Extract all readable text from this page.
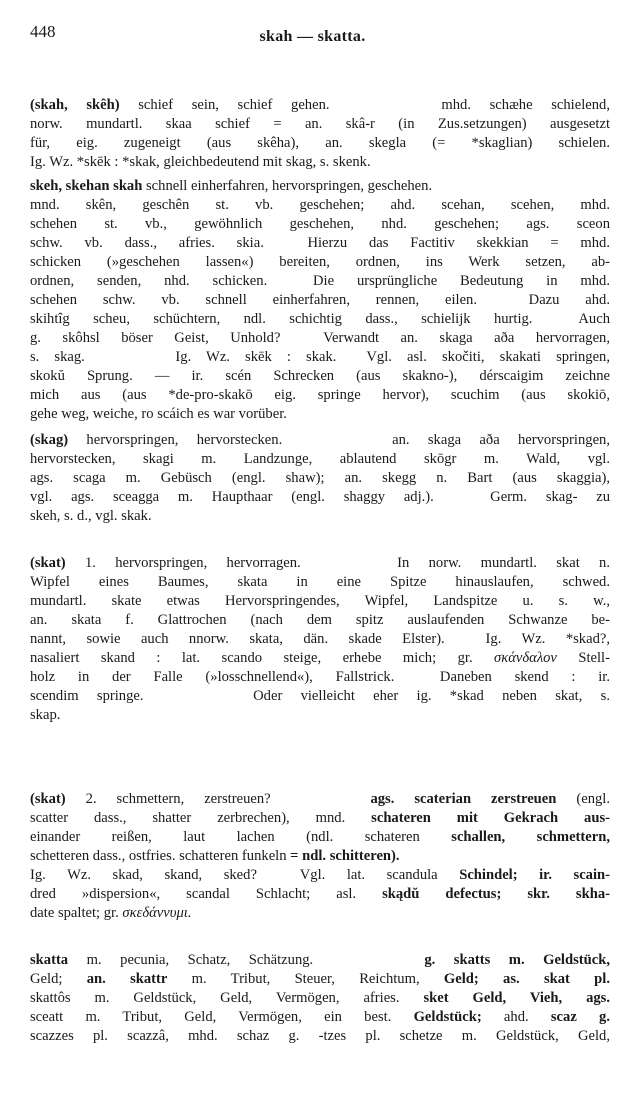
448	skah — skatta.
(skah, skêh) schief sein, schief gehen.      mhd. schæhe schielend,
norw. mundartl. skaa schief = an. skâ-r (in Zus.setzungen) ausgesetzt
für, eig. zugeneigt (aus skêha), an. skegla (= *skaglian) schielen.
Ig. Wz. *skēk : *skak, gleichbedeutend mit skag, s. skenk.
skeh, skehan skah schnell einherfahren, hervorspringen, geschehen.
mnd. skên, geschên st. vb. geschehen; ahd. scehan, scehen, mhd.
schehen st. vb., gewöhnlich geschehen, nhd. geschehen; ags. sceon
schw. vb. dass., afries. skia.  Hierzu das Factitiv skekkian = mhd.
schicken (»geschehen lassen«) bereiten, ordnen, ins Werk setzen, ab-
ordnen, senden, nhd. schicken.  Die ursprüngliche Bedeutung in mhd.
schehen schw. vb. schnell einherfahren, rennen, eilen.  Dazu ahd.
skihtîg scheu, schüchtern, ndl. schichtig dass., schielijk hurtig.  Auch
g. skôhsl böser Geist, Unhold?  Verwandt an. skaga aða hervorragen,
s. skag.      Ig. Wz. skēk : skak.  Vgl. asl. skočiti, skakati springen,
skokŭ Sprung. — ir. scén Schrecken (aus skakno-), dérscaigim zeichne
mich aus (aus *de-pro-skakō eig. springe hervor), scuchim (aus skokiō,
gehe weg, weiche, ro scáich es war vorüber.
(skag) hervorspringen, hervorstecken.      an. skaga aða hervorspringen,
hervorstecken, skagi m. Landzunge, ablautend skōgr m. Wald, vgl.
ags. scaga m. Gebüsch (engl. shaw); an. skegg n. Bart (aus skaggia),
vgl. ags. sceagga m. Haupthaar (engl. shaggy adj.).   Germ. skag- zu
skeh, s. d., vgl. skak.
(skat) 1. hervorspringen, hervorragen.     In norw. mundartl. skat n.
Wipfel eines Baumes, skata in eine Spitze hinauslaufen, schwed.
mundartl. skate etwas Hervorspringendes, Wipfel, Landspitze u. s. w.,
an. skata f. Glattrochen (nach dem spitz auslaufenden Schwanze be-
nannt, sowie auch nnorw. skata, dän. skade Elster).  Ig. Wz. *skad?,
nasaliert skand : lat. scando steige, erhebe mich; gr. σκάνδαλον Stell-
holz in der Falle (»losschnellend«), Fallstrick.  Daneben skend : ir.
scendim springe.      Oder vielleicht eher ig. *skad neben skat, s.
skap.
(skat) 2. schmettern, zerstreuen?     ags. scaterian zerstreuen (engl.
scatter dass., shatter zerbrechen), mnd. schateren mit Gekrach aus-
einander reißen, laut lachen (ndl. schateren schallen, schmettern,
schetteren dass., ostfries. schatteren funkeln = ndl. schitteren).
Ig. Wz. skad, skand, sked?  Vgl. lat. scandula Schindel; ir. scain-
dred »dispersion«, scandal Schlacht; asl. skądŭ defectus; skr. skha-
date spaltet; gr. σκεδάννυμι.
skatta m. pecunia, Schatz, Schätzung.      g. skatts m. Geldstück,
Geld; an. skattr m. Tribut, Steuer, Reichtum, Geld; as. skat pl.
skattôs m. Geldstück, Geld, Vermögen, afries. sket Geld, Vieh, ags.
sceatt m. Tribut, Geld, Vermögen, ein best. Geldstück; ahd. scaz g.
scazzes pl. scazzâ, mhd. schaz g. -tzes pl. schetze m. Geldstück, Geld,
